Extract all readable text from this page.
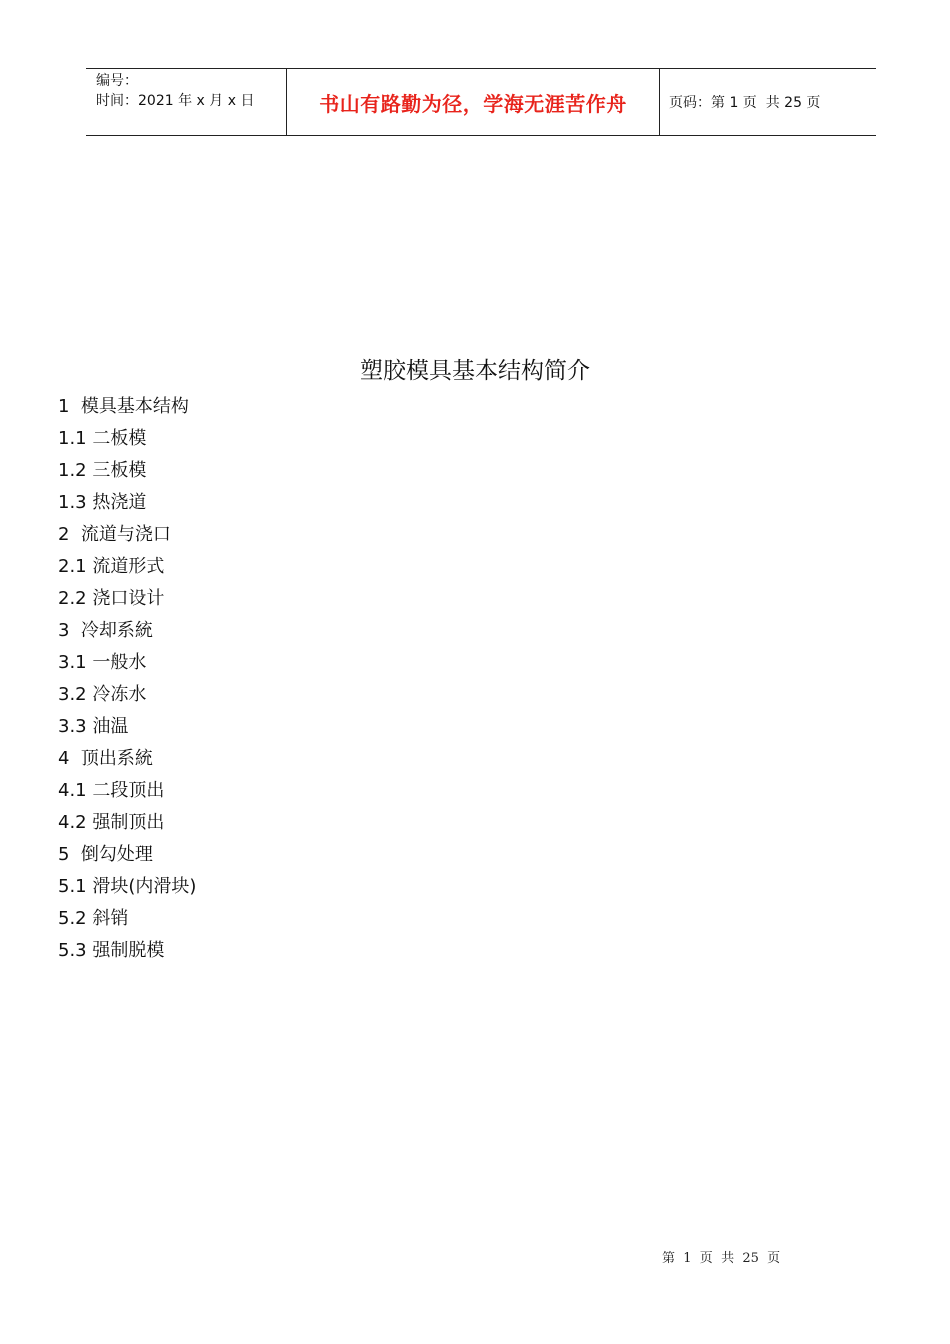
编号：
时间：2021 年 x 月 x 日	书山有路勤为径，学海无涯苦作舟	页码：第 1 页  共 25 页
塑胶模具基本结构简介
1  模具基本结构
1.1 二板模
1.2 三板模
1.3 热浇道
2  流道与浇口
2.1 流道形式
2.2 浇口设计
3  冷却系統
3.1 一般水
3.2 冷冻水
3.3 油温
4  顶出系統
4.1 二段顶出
4.2 强制顶出
5  倒勾处理
5.1 滑块(内滑块)
5.2 斜销
5.3 强制脱模
第  1  页  共  25  页
